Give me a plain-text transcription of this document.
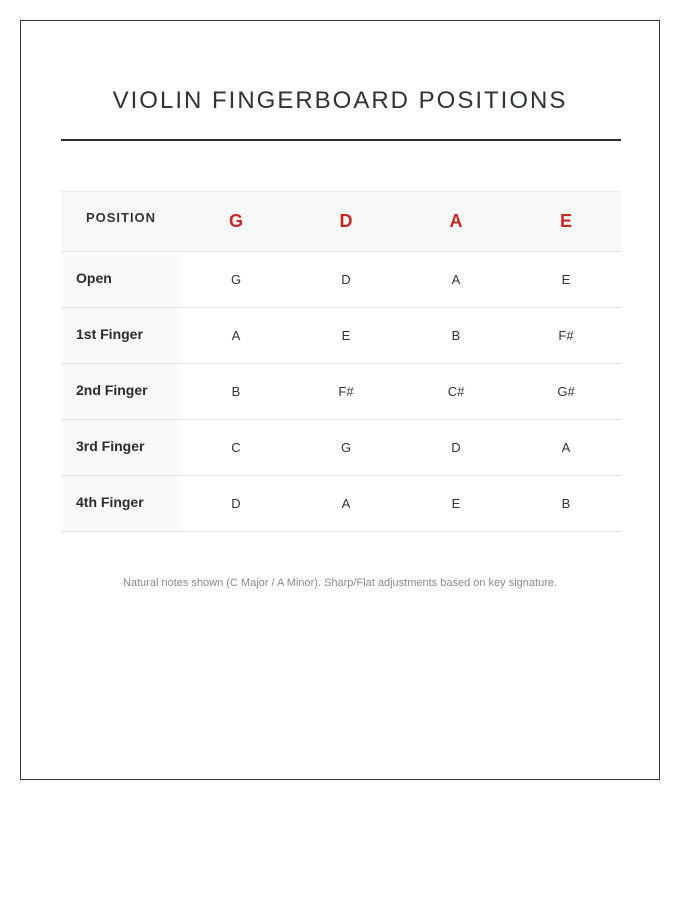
VIOLIN FINGERBOARD POSITIONS
POSITION	G	D	A	E
Open	G	D	A	E
1st Finger	A	E	B	F#
2nd Finger	B	F#	C#	G#
3rd Finger	C	G	D	A
4th Finger	D	A	E	B

Natural notes shown (C Major / A Minor). Sharp/Flat adjustments based on key signature.
